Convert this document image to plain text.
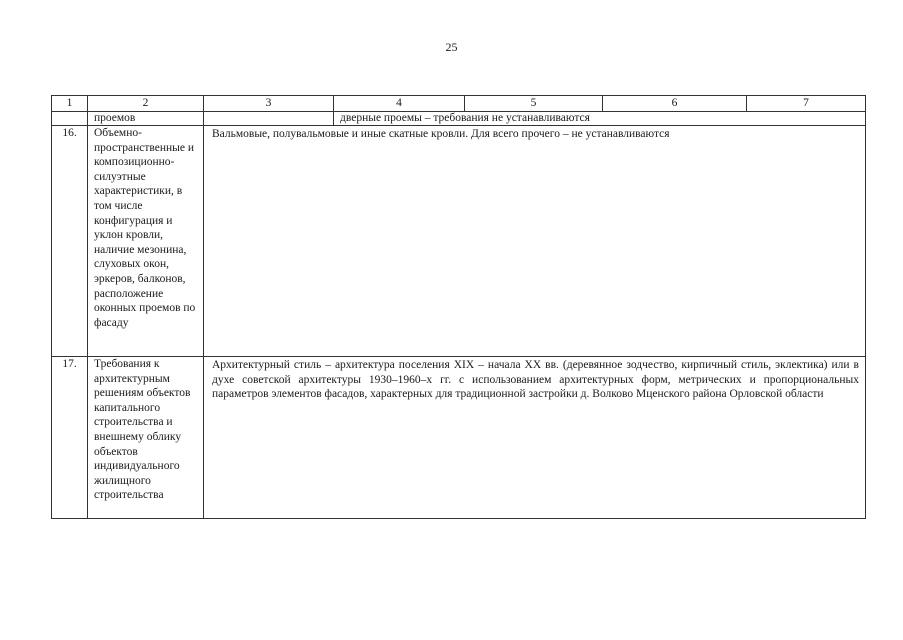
25
1	2	3	4	5	6	7
	проемов		дверные проемы – требования не устанавливаются			
16.	Объемно-пространственные и композиционно-силуэтные характеристики, в том числе конфигурация и уклон кровли, наличие мезонина, слуховых окон, эркеров, балконов, расположение оконных проемов по фасаду	Вальмовые, полувальмовые и иные скатные кровли. Для всего прочего – не устанавливаются				
17.	Требования к архитектурным решениям объектов капитального строительства и внешнему облику объектов индивидуального жилищного строительства	Архитектурный стиль – архитектура поселения XIX – начала XX вв. (деревянное зодчество, кирпичный стиль, эклектика) или в духе советской архитектуры 1930–1960–х гг. с использованием архитектурных форм, метрических и пропорциональных параметров элементов фасадов, характерных для традиционной застройки д. Волково Мценского района Орловской области				
